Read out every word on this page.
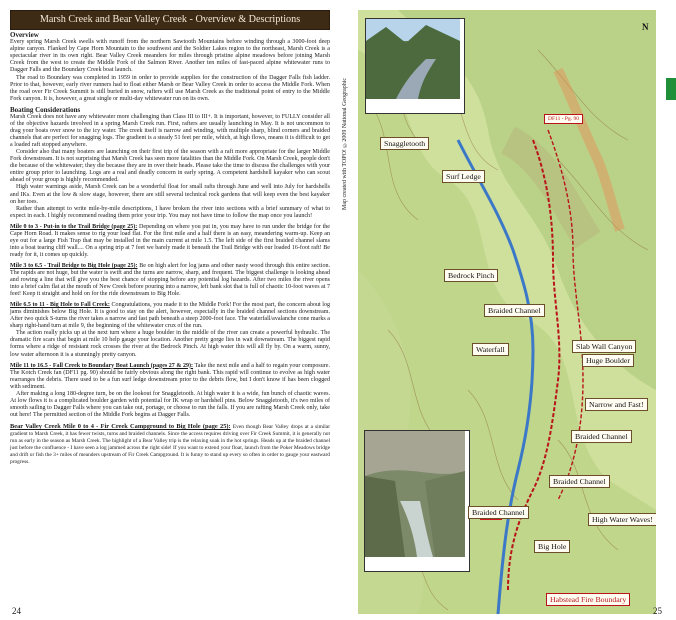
Marsh Creek and Bear Valley Creek - Overview & Descriptions
Overview
Every spring Marsh Creek swells with runoff from the northern Sawtooth Mountains before winding through a 3000-foot deep alpine canyon. Flanked by Cape Horn Mountain to the southwest and the Soldier Lakes region to the northeast, Marsh Creek is a spectacular river in its own right. Bear Valley Creek meanders for miles through pristine alpine meadows before joining Marsh Creek from the west to create the Middle Fork of the Salmon River. Another ten miles of fast-paced alpine whitewater runs to Dagger Falls and the Boundary Creek boat launch.
The road to Boundary was completed in 1959 in order to provide supplies for the construction of the Dagger Falls fish ladder. Prior to that, however, early river runners had to float either Marsh or Bear Valley Creek in order to access the Middle Fork. When the road over Fir Creek Summit is still buried in snow, rafters will use Marsh Creek as the traditional point of entry to the Middle Fork canyon. It is, however, a great single or multi-day whitewater run on its own.
Boating Considerations
Marsh Creek does not have any whitewater more challenging than Class III to III+. It is important, however, to FULLY consider all of the objective hazards involved in a spring Marsh Creek run. First, rafters are usually launching in May. It is not uncommon to drag your boats over snow to the icy water. The creek itself is narrow and winding, with multiple sharp, blind corners and braided channels that are perfect for snagging logs. The gradient is a steady 51 feet per mile, which, at high flows, means it is difficult to get a loaded raft stopped anywhere.
Consider also that many boaters are launching on their first trip of the season with a raft more appropriate for the larger Middle Fork downstream. It is not surprising that Marsh Creek has seen more fatalities than the Middle Fork. On Marsh Creek, people don't die because of the whitewater; they die because they are in over their heads. Please take the time to discuss the challenges with your entire group prior to launching. Logs are a real and deadly concern in early spring. A competent hardshell kayaker who can scout ahead of your group is highly recommended.
High water warnings aside, Marsh Creek can be a wonderful float for small rafts through June and well into July for hardshells and IKs. Even at the low & slow stage, however, there are still several technical rock gardens that will keep even the best kayaker on her toes.
Rather than attempt to write mile-by-mile descriptions, I have broken the river into sections with a brief summary of what to expect in each. I highly recommend reading them prior your trip. You may not have time to follow the map once you launch!
Mile 0 to 3 - Put-in to the Trail Bridge (page 25): Depending on where you put in, you may have to run under the bridge for the Cape Horn Road. It makes sense to rig your load flat. For the first mile and a half there is an easy, meandering warm-up. Keep an eye out for a large Fish Trap that may be installed in the main current at mile 1.5. The left side of the first braided channel slams into a boat tearing cliff wall.... On a spring trip at 7 feet we barely made it beneath the Trail Bridge with our loaded 16-foot raft! Be ready for it, it comes up quickly.
Mile 3 to 6.5 - Trail Bridge to Big Hole (page 25): Be on high alert for log jams and other nasty wood through this entire section. The rapids are not huge, but the water is swift and the turns are narrow, sharp, and frequent. The biggest challenge is looking ahead and rowing a line that will give you the best chance of stopping before any potential log hazards. After two miles the river opens into a brief calm flat at the mouth of New Creek before pouring into a narrow, left bank slot that is full of chaotic 10-foot waves at 7 feet! Keep it straight and hold on for the ride downstream to Big Hole.
Mile 6.5 to 11 - Big Hole to Fall Creek: Congratulations, you made it to the Middle Fork! For the most part, the concern about log jams diminishes below Big Hole. It is good to stay on the alert, however, especially in the braided channel sections downstream. After two quick S-turns the river takes a narrow and fast path beneath a steep 2000-foot face. The waterfall/avalanche cone marks a sharp right-hand turn at mile 9, the beginning of the whitewater crux of the run.
The action really picks up at the next turn where a huge boulder in the middle of the river can create a powerful hydraulic. The dramatic fire scars that begin at mile 10 help gauge your location. Another pretty gorge lies in wait downstream. The biggest rapid forms where a ridge of resistant rock crosses the river at the Bedrock Pinch. At high water this will all fly by. On a warm, sunny, low water afternoon it is a stunningly pretty canyon.
Mile 11 to 16.5 - Fall Creek to Boundary Boat Launch (pages 27 & 29): Take the next mile and a half to regain your composure. The Kotch Creek fan (DF11 pg. 90) should be fairly obvious along the right bank. This rapid will continue to evolve as high water rearranges the debris. There used to be a fun surf ledge downstream prior to the debris flow, but I don't know if has been clogged with sediment.
After making a long 180-degree turn, be on the lookout for Snaggletooth. At high water it is a wide, fun bunch of chaotic waves. At low flows it is a complicated boulder garden with potential for IK wrap or hardshell pins. Below Snaggletooth, it's two miles of smooth sailing to Dagger Falls where you can take out, portage, or choose to run the falls. If you are rafting Marsh Creek only, take out here! The permitted section of the Middle Fork begins at Dagger Falls.
Bear Valley Creek Mile 0 to 4 - Fir Creek Campground to Big Hole (page 25): Even though Bear Valley drops at a similar gradient to Marsh Creek, it has fewer twists, turns and braided channels. Since the access requires driving over Fir Creek Summit, it is generally not run as early in the season as Marsh Creek. The highlight of a Bear Valley trip is the relaxing soak in the hot springs. Heads up at the braided channel just before the confluence - I have seen a log jammed across the right side! If you want to extend your float, launch from the Poker Meadows bridge and drift or fish the 3+ miles of meanders upstream of Fir Creek Campground. It is funny to stand up every so often in order to gauge your eastward progress.
24
Map created with TOPO! ©2009 National Geographic
N
DF11 - Pg. 90
Snaggletooth
Surf Ledge
Bedrock Pinch
Braided Channel
Slab Wall Canyon
Huge Boulder
Waterfall
Narrow and Fast!
Braided Channel
Braided Channel
High Water Waves!
Braided Channel
Big Hole
Habstead Fire Boundary
25
